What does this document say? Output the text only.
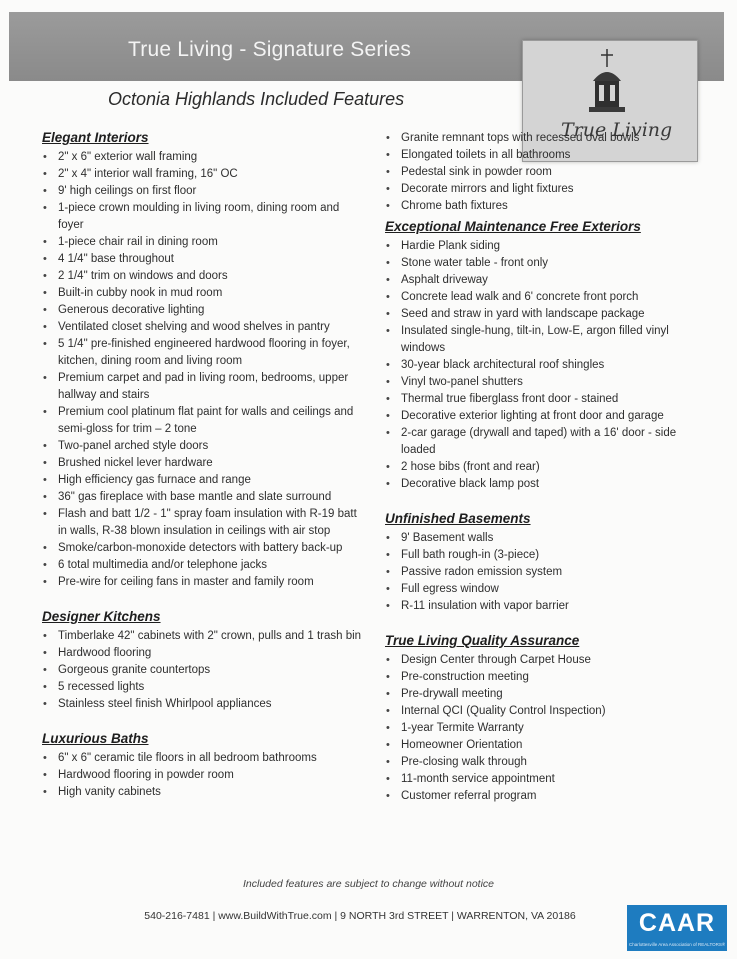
True Living - Signature Series
Octonia Highlands Included Features
True Living
Elegant Interiors
• 2" x 6" exterior wall framing
• 2" x 4" interior wall framing, 16" OC
• 9' high ceilings on first floor
• 1-piece crown moulding in living room, dining room and foyer
• 1-piece chair rail in dining room
• 4 1/4" base throughout
• 2 1/4" trim on windows and doors
• Built-in cubby nook in mud room
• Generous decorative lighting
• Ventilated closet shelving and wood shelves in pantry
• 5 1/4" pre-finished engineered hardwood flooring in foyer, kitchen, dining room and living room
• Premium carpet and pad in living room, bedrooms, upper hallway and stairs
• Premium cool platinum flat paint for walls and ceilings and semi-gloss for trim – 2 tone
• Two-panel arched style doors
• Brushed nickel lever hardware
• High efficiency gas furnace and range
• 36" gas fireplace with base mantle and slate surround
• Flash and batt 1/2 - 1" spray foam insulation with R-19 batt in walls, R-38 blown insulation in ceilings with air stop
• Smoke/carbon-monoxide detectors with battery back-up
• 6 total multimedia and/or telephone jacks
• Pre-wire for ceiling fans in master and family room
Designer Kitchens
• Timberlake 42" cabinets with 2" crown, pulls and 1 trash bin
• Hardwood flooring
• Gorgeous granite countertops
• 5 recessed lights
• Stainless steel finish Whirlpool appliances
Luxurious Baths
• 6" x 6" ceramic tile floors in all bedroom bathrooms
• Hardwood flooring in powder room
• High vanity cabinets
• Granite remnant tops with recessed oval bowls
• Elongated toilets in all bathrooms
• Pedestal sink in powder room
• Decorate mirrors and light fixtures
• Chrome bath fixtures
Exceptional Maintenance Free Exteriors
• Hardie Plank siding
• Stone water table - front only
• Asphalt driveway
• Concrete lead walk and 6' concrete front porch
• Seed and straw in yard with landscape package
• Insulated single-hung, tilt-in, Low-E, argon filled vinyl windows
• 30-year black architectural roof shingles
• Vinyl two-panel shutters
• Thermal true fiberglass front door - stained
• Decorative exterior lighting at front door and garage
• 2-car garage (drywall and taped) with a 16' door - side loaded
• 2 hose bibs (front and rear)
• Decorative black lamp post
Unfinished Basements
• 9' Basement walls
• Full bath rough-in (3-piece)
• Passive radon emission system
• Full egress window
• R-11 insulation with vapor barrier
True Living Quality Assurance
• Design Center through Carpet House
• Pre-construction meeting
• Pre-drywall meeting
• Internal QCI (Quality Control Inspection)
• 1-year Termite Warranty
• Homeowner Orientation
• Pre-closing walk through
• 11-month service appointment
• Customer referral program
Included features are subject to change without notice
540-216-7481 | www.BuildWithTrue.com | 9 NORTH 3rd STREET | WARRENTON, VA 20186	CAAR
Charlottesville Area Association of REALTORS®
